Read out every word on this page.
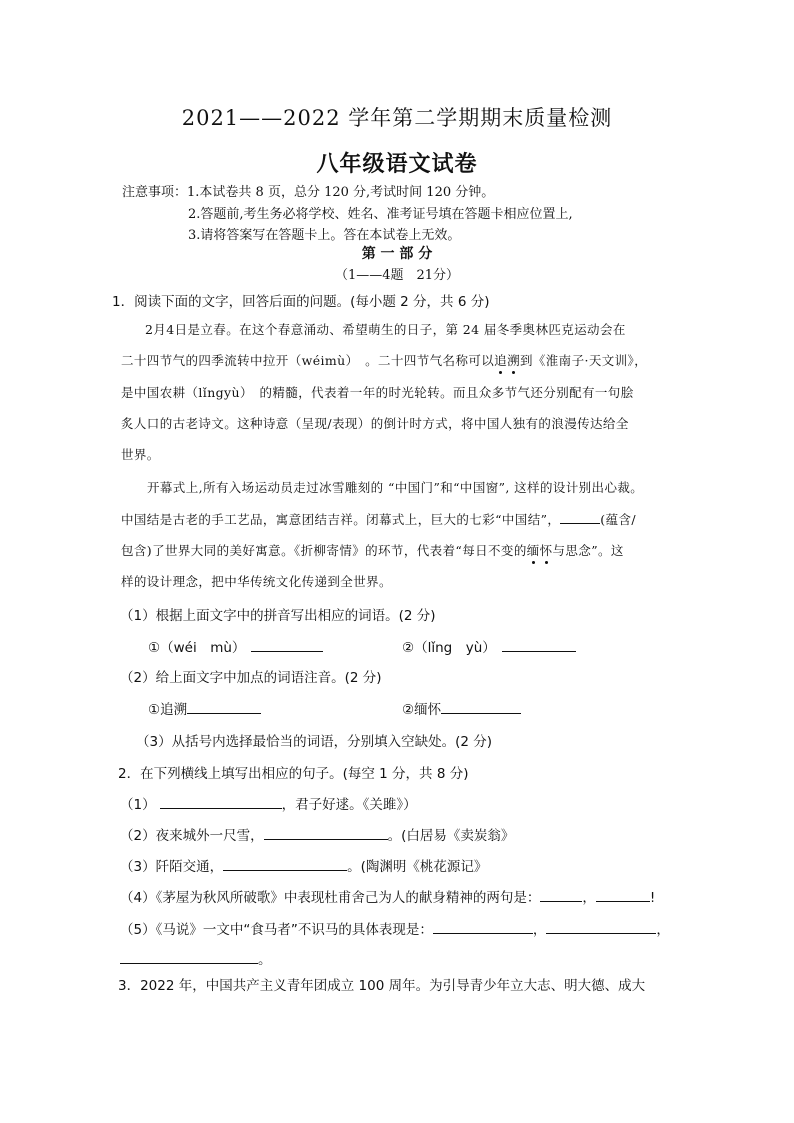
2021——2022 学年第二学期期末质量检测
八年级语文试卷
注意事项：1.本试卷共 8 页，总分 120 分,考试时间 120 分钟。
2.答题前,考生务必将学校、姓名、准考证号填在答题卡相应位置上,
3.请将答案写在答题卡上。答在本试卷上无效。
第 一 部 分
（1——4题　21分）
1．阅读下面的文字，回答后面的问题。(每小题 2 分，共 6 分)
2月4日是立春。在这个春意涌动、希望萌生的日子，第 24 届冬季奥林匹克运动会在
二十四节气的四季流转中拉开（wéimù）　。二十四节气名称可以追溯到《淮南子·天文训》，
是中国农耕（lǐngyù）　的精髓，代表着一年的时光轮转。而且众多节气还分别配有一句脍
炙人口的古老诗文。这种诗意（呈现/表现）的倒计时方式，将中国人独有的浪漫传达给全
世界。
开幕式上,所有入场运动员走过冰雪雕刻的 “中国门”和“中国窗”, 这样的设计别出心裁。
中国结是古老的手工艺品，寓意团结吉祥。闭幕式上，巨大的七彩“中国结”，	(蕴含/
包含)了世界大同的美好寓意。《折柳寄情》的环节，代表着“每日不变的缅怀与思念”。这
样的设计理念，把中华传统文化传递到全世界。
（1）根据上面文字中的拼音写出相应的词语。(2 分)
①（wéi　mù）	②（lǐng　yù）
（2）给上面文字中加点的词语注音。(2 分)
①追溯	②缅怀
（3）从括号内选择最恰当的词语，分别填入空缺处。(2 分)
2．在下列横线上填写出相应的句子。(每空 1 分，共 8 分)
（1）	，君子好逑。《关雎》）
（2）夜来城外一尺雪，	。(白居易《卖炭翁》
（3）阡陌交通，	。(陶渊明《桃花源记》
（4）《茅屋为秋风所破歌》中表现杜甫舍己为人的献身精神的两句是：	，	!
（5）《马说》一文中“食马者”不识马的具体表现是：	，	，
。
3．2022 年，中国共产主义青年团成立 100 周年。为引导青少年立大志、明大德、成大
